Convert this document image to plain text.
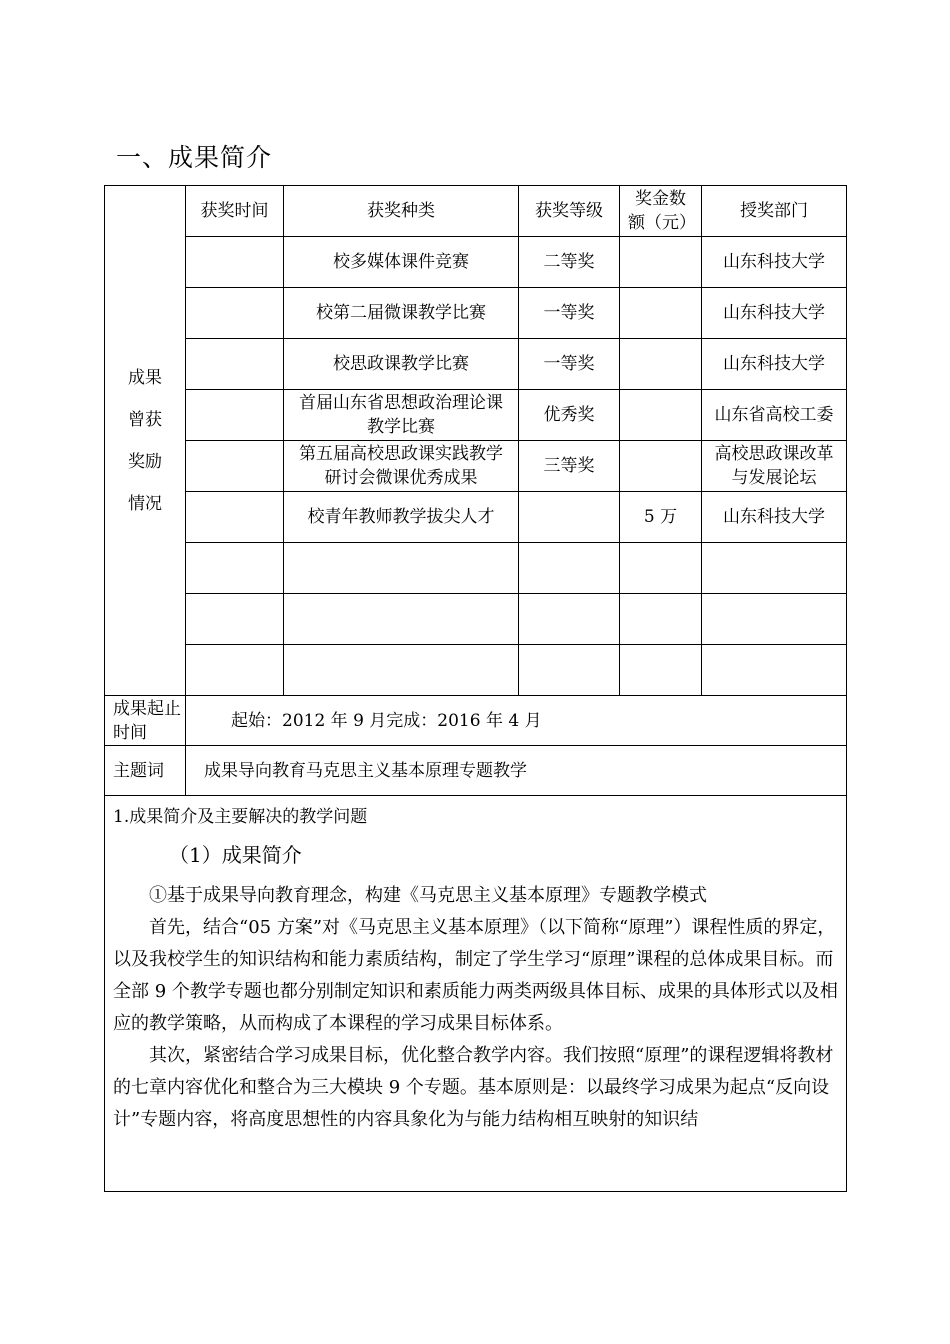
一、成果简介
成果
曾获
奖励
情况	获奖时间	获奖种类	获奖等级	奖金数额（元）	授奖部门
		校多媒体课件竞赛	二等奖		山东科技大学
		校第二届微课教学比赛	一等奖		山东科技大学
		校思政课教学比赛	一等奖		山东科技大学
		首届山东省思想政治理论课教学比赛	优秀奖		山东省高校工委
		第五届高校思政课实践教学研讨会微课优秀成果	三等奖		高校思政课改革与发展论坛
		校青年教师教学拔尖人才		5 万	山东科技大学

成果起止时间	起始：2012 年 9 月完成：2016 年 4 月				
主题词	成果导向教育马克思主义基本原理专题教学				

1.成果简介及主要解决的教学问题

（1）成果简介

①基于成果导向教育理念，构建《马克思主义基本原理》专题教学模式

首先，结合“05 方案”对《马克思主义基本原理》（以下简称“原理”）课程性质的界定，以及我校学生的知识结构和能力素质结构，制定了学生学习“原理”课程的总体成果目标。而全部 9 个教学专题也都分别制定知识和素质能力两类两级具体目标、成果的具体形式以及相应的教学策略，从而构成了本课程的学习成果目标体系。

其次，紧密结合学习成果目标，优化整合教学内容。我们按照“原理”的课程逻辑将教材的七章内容优化和整合为三大模块 9 个专题。基本原则是：以最终学习成果为起点“反向设计”专题内容，将高度思想性的内容具象化为与能力结构相互映射的知识结					
